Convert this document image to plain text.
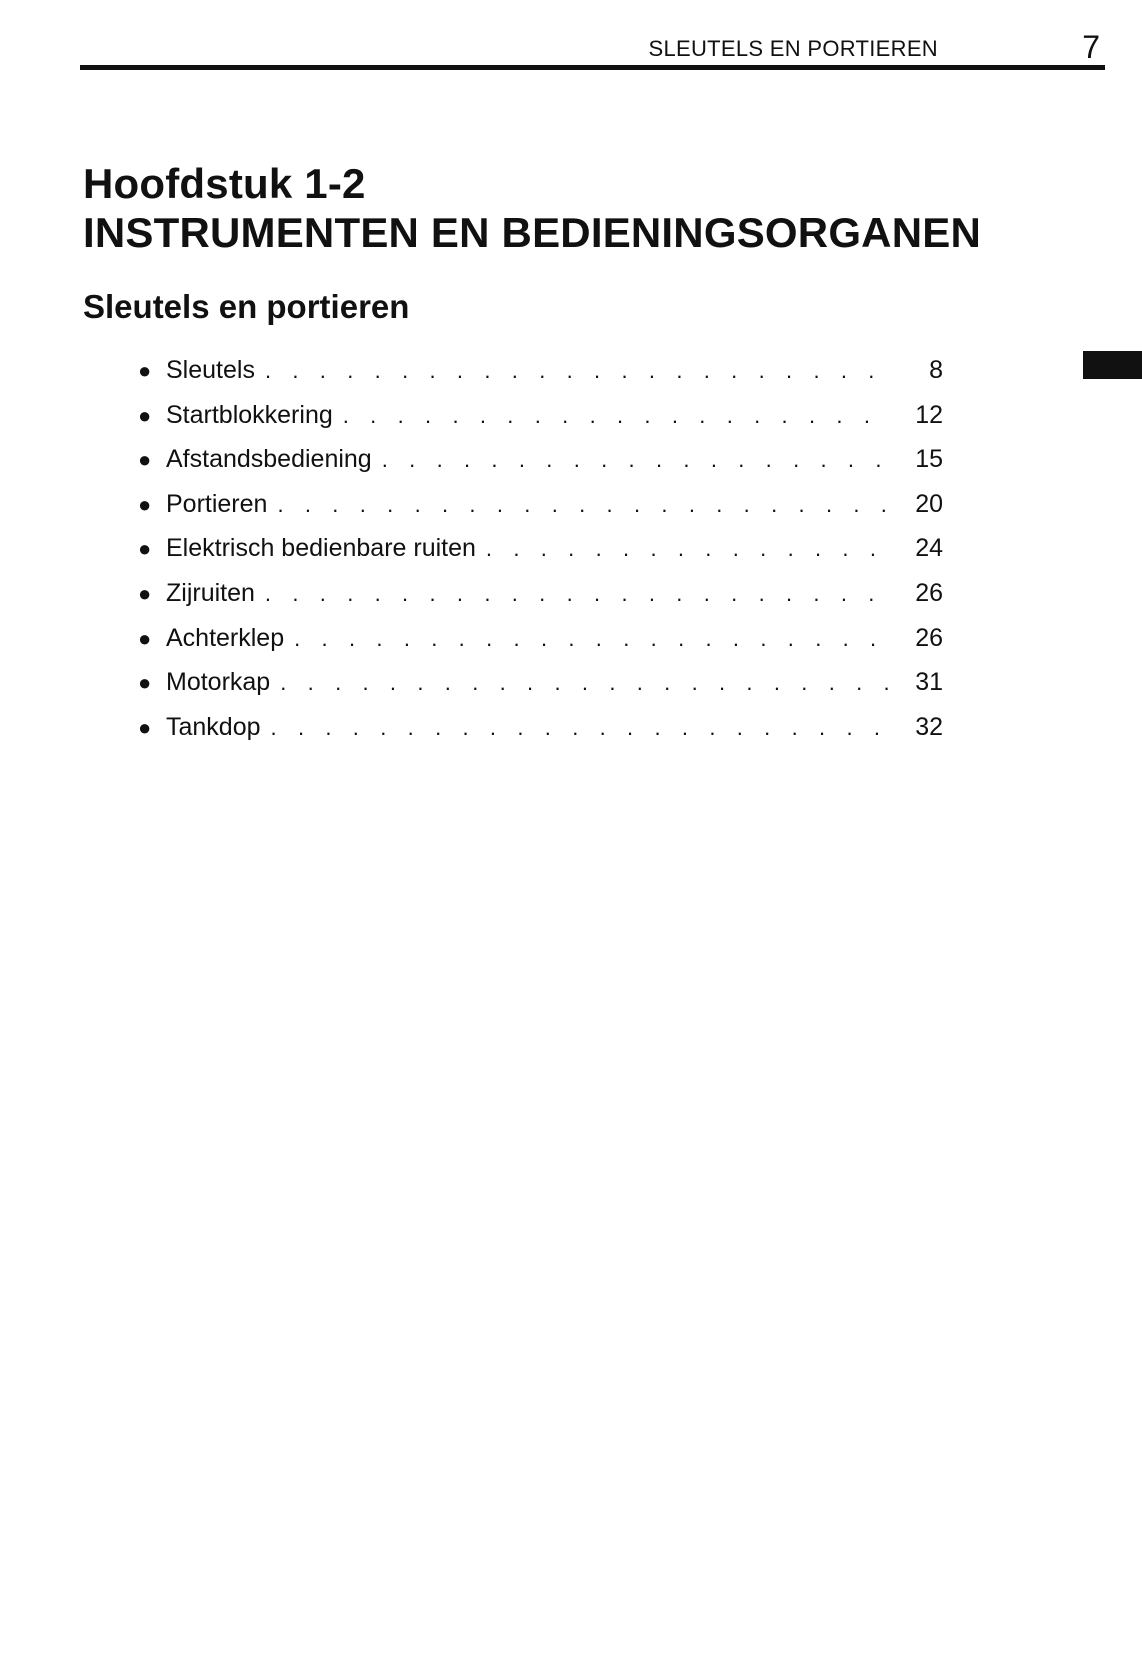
SLEUTELS EN PORTIEREN	7
Hoofdstuk 1-2
INSTRUMENTEN EN BEDIENINGSORGANEN
Sleutels en portieren
● Sleutels . . .	8
● Startblokkering . . .	12
● Afstandsbediening . . .	15
● Portieren . . .	20
● Elektrisch bedienbare ruiten . . .	24
● Zijruiten . . .	26
● Achterklep . . .	26
● Motorkap . . .	31
● Tankdop . . .	32
